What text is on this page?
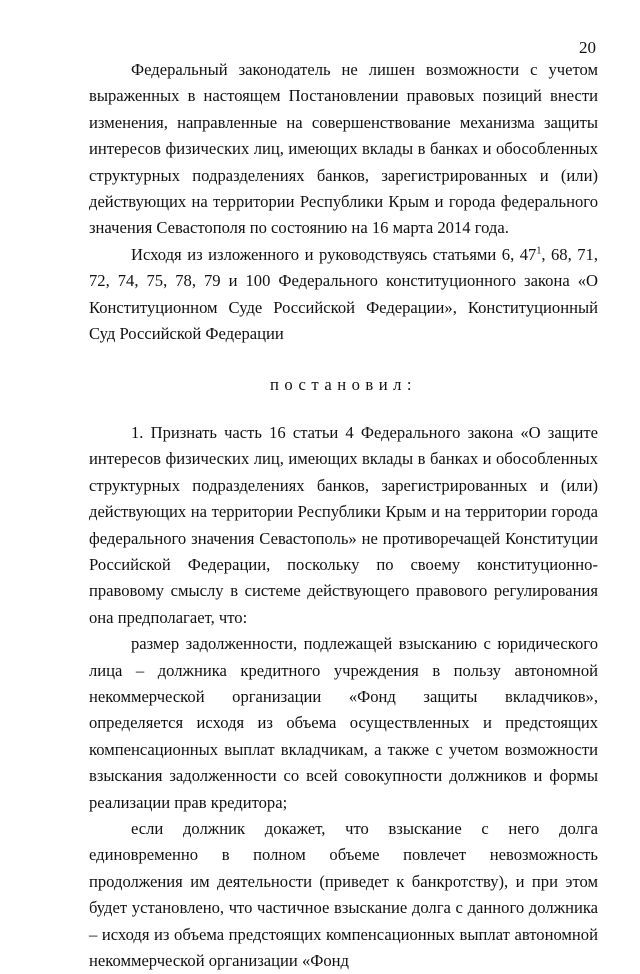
20

Федеральный законодатель не лишен возможности с учетом выраженных в настоящем Постановлении правовых позиций внести изменения, направленные на совершенствование механизма защиты интересов физических лиц, имеющих вклады в банках и обособленных структурных подразделениях банков, зарегистрированных и (или) действующих на территории Республики Крым и города федерального значения Севастополя по состоянию на 16 марта 2014 года.

Исходя из изложенного и руководствуясь статьями 6, $47^1$, 68, 71, 72, 74, 75, 78, 79 и 100 Федерального конституционного закона «О Конституционном Суде Российской Федерации», Конституционный Суд Российской Федерации

постановил:

1. Признать часть 16 статьи 4 Федерального закона «О защите интересов физических лиц, имеющих вклады в банках и обособленных структурных подразделениях банков, зарегистрированных и (или) действующих на территории Республики Крым и на территории города федерального значения Севастополь» не противоречащей Конституции Российской Федерации, поскольку по своему конституционно-правовому смыслу в системе действующего правового регулирования она предполагает, что:

размер задолженности, подлежащей взысканию с юридического лица – должника кредитного учреждения в пользу автономной некоммерческой организации «Фонд защиты вкладчиков», определяется исходя из объема осуществленных и предстоящих компенсационных выплат вкладчикам, а также с учетом возможности взыскания задолженности со всей совокупности должников и формы реализации прав кредитора;

если должник докажет, что взыскание с него долга единовременно в полном объеме повлечет невозможность продолжения им деятельности (приведет к банкротству), и при этом будет установлено, что частичное взыскание долга с данного должника – исходя из объема предстоящих компенсационных выплат автономной некоммерческой организации «Фонд
